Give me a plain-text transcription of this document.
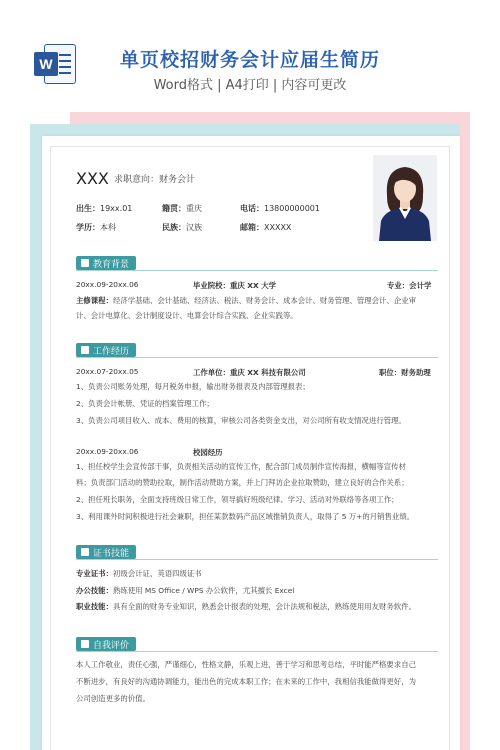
W	单页校招财务会计应届生简历
Word格式 | A4打印 | 内容可更改
XXX 求职意向：财务会计
出生：19xx.01	籍贯：重庆	电话：13800000001
学历：本科	民族：汉族	邮箱：XXXXX
教育背景
20xx.09-20xx.06	毕业院校：重庆 XX 大学	专业：会计学
主修课程：经济学基础、会计基础、经济法、税法、财务会计、成本会计、财务管理、管理会计、企业审
计、会计电算化、会计制度设计、电算会计综合实践、企业实践等。
工作经历
20xx.07-20xx.05	工作单位：重庆 XX 科技有限公司	职位：财务助理
1、负责公司账务处理，每月税务申报，输出财务报表及内部管理报表；
2、负责会计帐册、凭证的档案管理工作；
3、负责公司项目收入、成本、费用的核算，审核公司各类资金支出，对公司所有收支情况进行管理。
20xx.09-20xx.06	校园经历
1、担任校学生会宣传部干事，负责相关活动的宣传工作，配合部门成员制作宣传海报，横幅等宣传材
料；负责部门活动的赞助拉取，制作活动赞助方案，并上门拜访企业拉取赞助，建立良好的合作关系；
2、担任班长职务，全面支持班级日常工作，领导搞好班级纪律、学习、活动对外联络等各项工作；
3、利用课外时间积极进行社会兼职，担任某款数码产品区域推销负责人，取得了 5 万+的月销售业绩。
证书技能
专业证书：初级会计证、英语四级证书
办公技能：熟练使用 MS Office / WPS 办公软件，尤其擅长 Excel
职业技能：具有全面的财务专业知识，熟悉会计报表的处理，会计法规和税法，熟练使用用友财务软件。
自我评价
本人工作敬业，责任心强，严谨细心，性格文静，乐观上进，善于学习和思考总结，平时能严格要求自己
不断进步，有良好的沟通协调能力，能出色的完成本职工作；在未来的工作中，我相信我能做得更好，为
公司创造更多的价值。
